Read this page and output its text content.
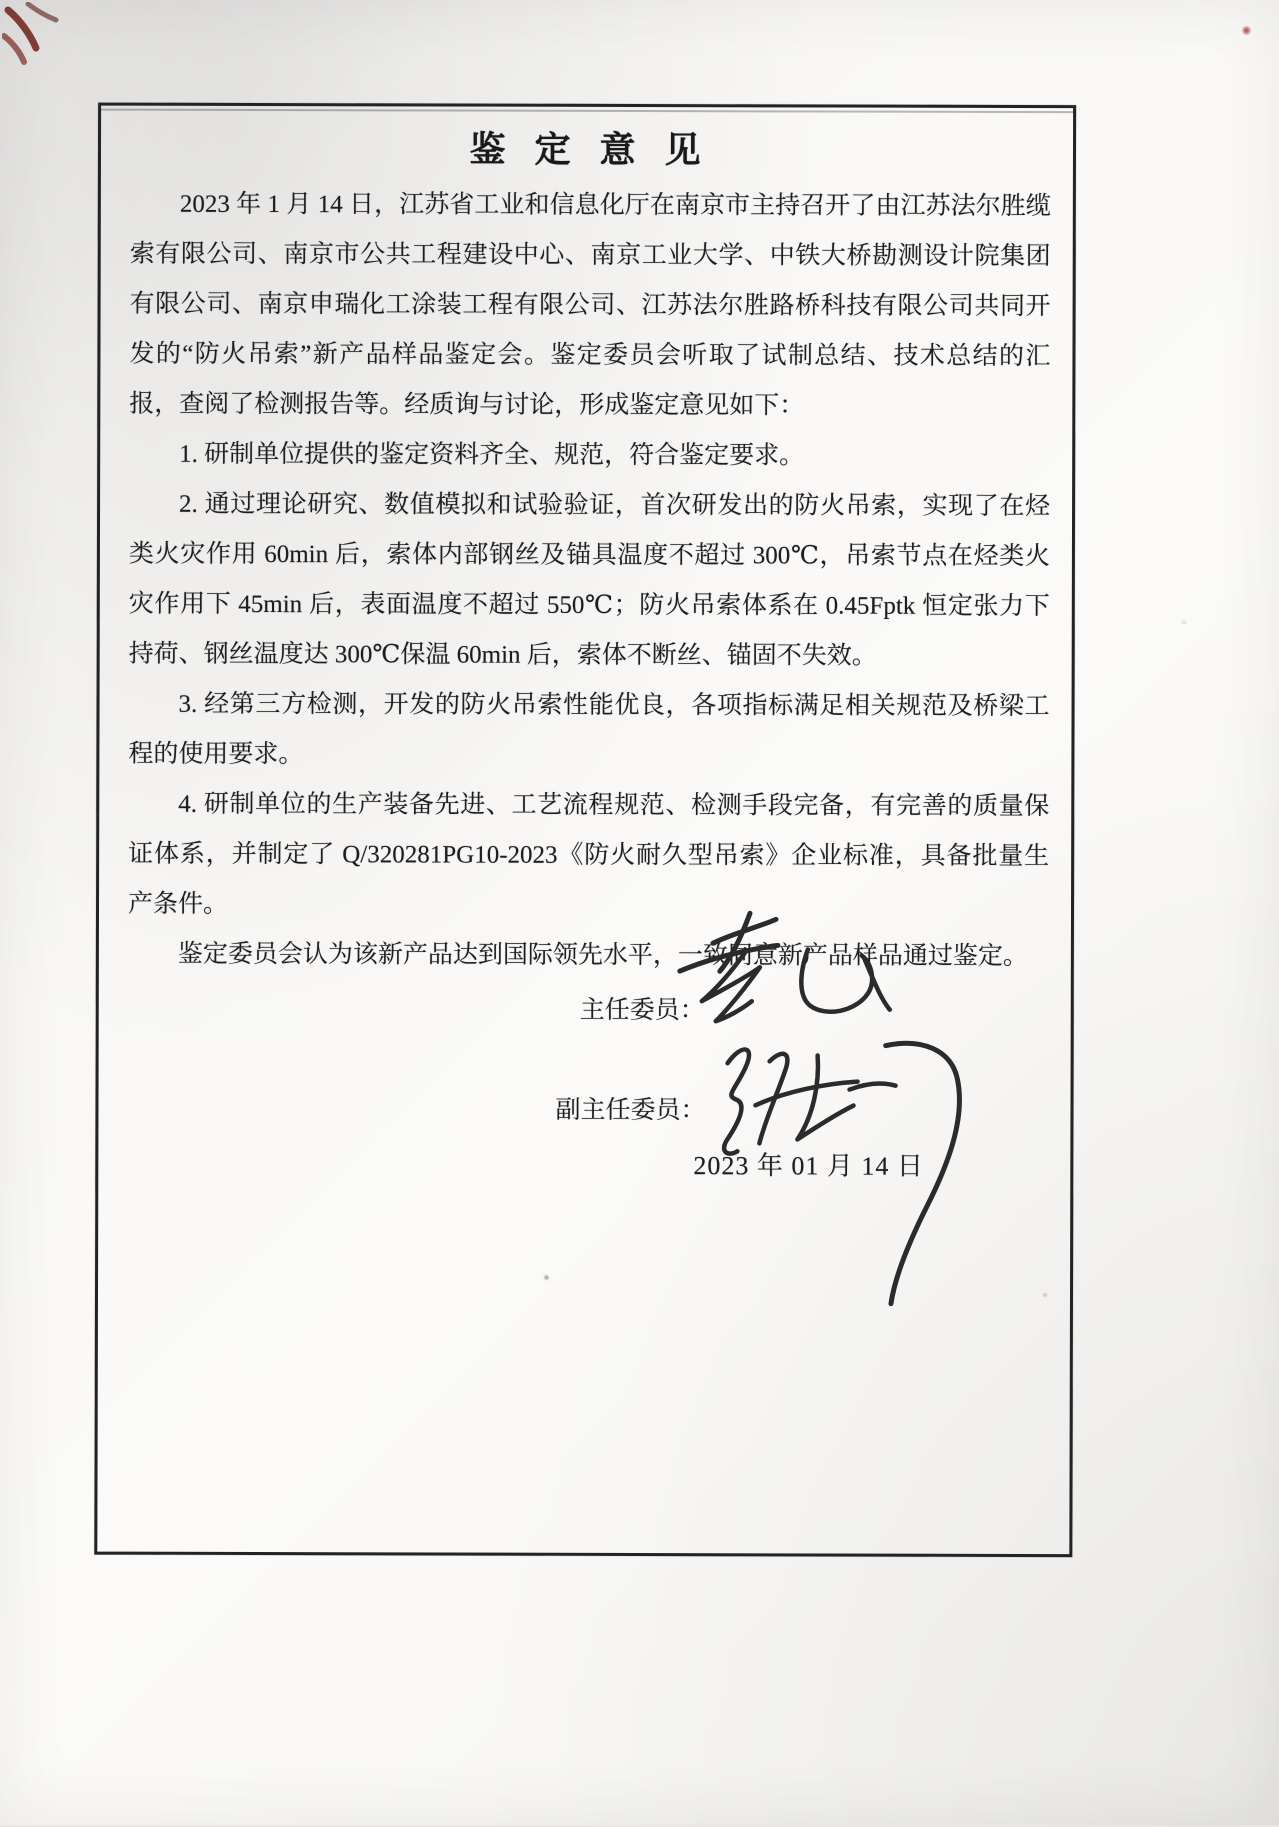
鉴 定 意 见

2023 年 1 月 14 日，江苏省工业和信息化厅在南京市主持召开了由江苏法尔胜缆索有限公司、南京市公共工程建设中心、南京工业大学、中铁大桥勘测设计院集团有限公司、南京申瑞化工涂装工程有限公司、江苏法尔胜路桥科技有限公司共同开发的“防火吊索”新产品样品鉴定会。鉴定委员会听取了试制总结、技术总结的汇报，查阅了检测报告等。经质询与讨论，形成鉴定意见如下：

1. 研制单位提供的鉴定资料齐全、规范，符合鉴定要求。

2. 通过理论研究、数值模拟和试验验证，首次研发出的防火吊索，实现了在烃类火灾作用 60min 后，索体内部钢丝及锚具温度不超过 300℃，吊索节点在烃类火灾作用下 45min 后，表面温度不超过 550℃；防火吊索体系在 0.45Fptk 恒定张力下持荷、钢丝温度达 300℃保温 60min 后，索体不断丝、锚固不失效。

3. 经第三方检测，开发的防火吊索性能优良，各项指标满足相关规范及桥梁工程的使用要求。

4. 研制单位的生产装备先进、工艺流程规范、检测手段完备，有完善的质量保证体系，并制定了 Q/320281PG10-2023《防火耐久型吊索》企业标准，具备批量生产条件。

鉴定委员会认为该新产品达到国际领先水平，一致同意新产品样品通过鉴定。

主任委员：
副主任委员：
2023 年 01 月 14 日
